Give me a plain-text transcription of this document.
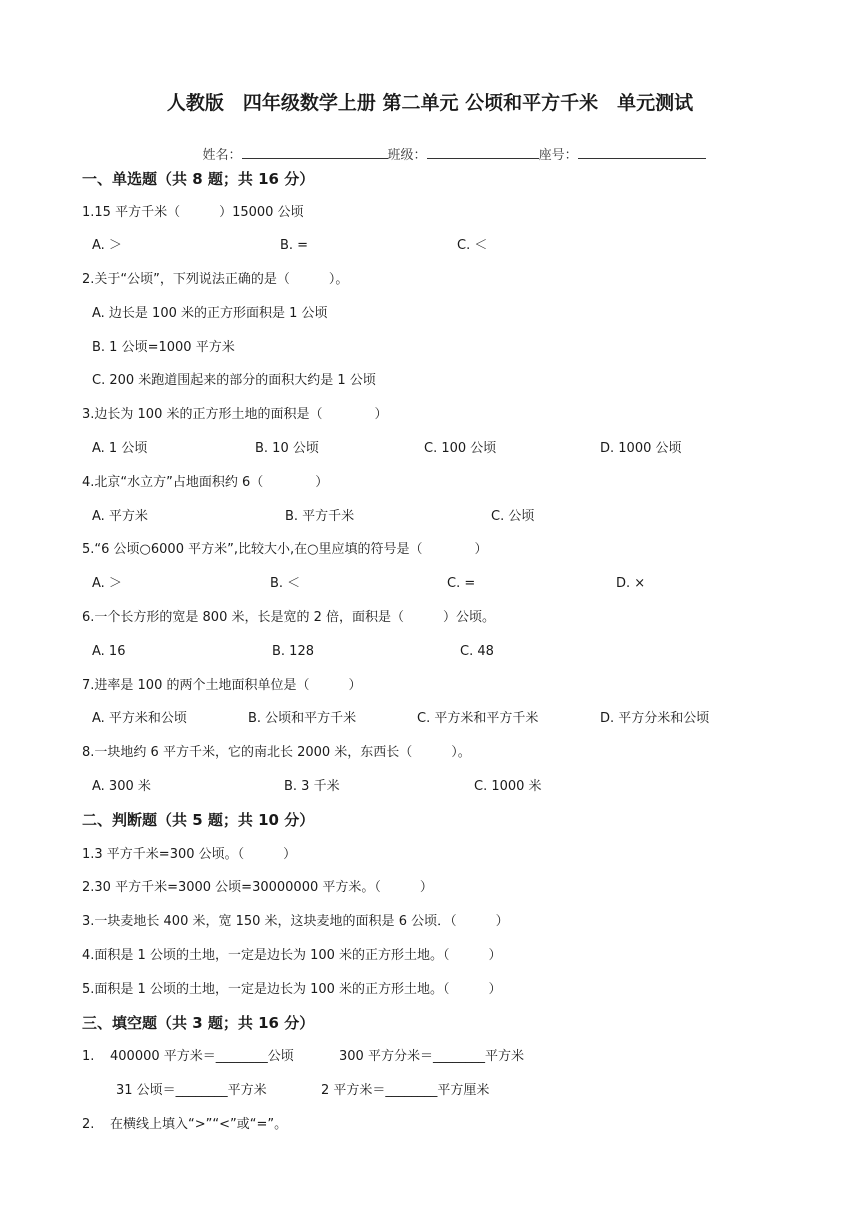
人教版　四年级数学上册 第二单元 公顷和平方千米　单元测试

姓名：	班级：	座号：

一、单选题（共 8 题；共 16 分）
1.15 平方千米（　　　）15000 公顷
A. ＞	B. =	C. ＜
2.关于“公顷”，下列说法正确的是（　　　）。
A. 边长是 100 米的正方形面积是 1 公顷
B. 1 公顷=1000 平方米
C. 200 米跑道围起来的部分的面积大约是 1 公顷
3.边长为 100 米的正方形土地的面积是（　　　　）
A. 1 公顷	B. 10 公顷	C. 100 公顷	D. 1000 公顷
4.北京“水立方”占地面积约 6（　　　　）
A. 平方米	B. 平方千米	C. 公顷
5.“6 公顷○6000 平方米”,比较大小,在○里应填的符号是（　　　　）
A. ＞	B. ＜	C. =	D. ×
6.一个长方形的宽是 800 米，长是宽的 2 倍，面积是（　　　）公顷。
A. 16	B. 128	C. 48
7.进率是 100 的两个土地面积单位是（　　　）
A. 平方米和公顷	B. 公顷和平方千米	C. 平方米和平方千米	D. 平方分米和公顷
8.一块地约 6 平方千米，它的南北长 2000 米，东西长（　　　）。
A. 300 米	B. 3 千米	C. 1000 米
二、判断题（共 5 题；共 10 分）
1.3 平方千米=300 公顷。（　　　）
2.30 平方千米=3000 公顷=30000000 平方米。（　　　）
3.一块麦地长 400 米，宽 150 米，这块麦地的面积是 6 公顷．（　　　）
4.面积是 1 公顷的土地，一定是边长为 100 米的正方形土地。（　　　）
5.面积是 1 公顷的土地，一定是边长为 100 米的正方形土地。（　　　）
三、填空题（共 3 题；共 16 分）
1. 400000 平方米＝________公顷	300 平方分米＝________平方米
31 公顷＝________平方米	2 平方米＝________平方厘米
2. 在横线上填入“>”“<”或“=”。
